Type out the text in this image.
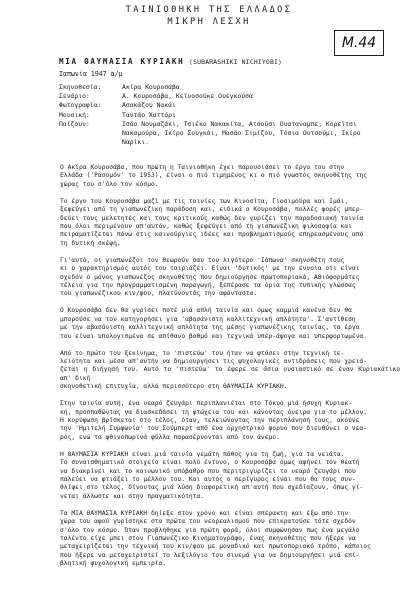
ΤΑΙΝΙΟΘΗΚΗ ΤΗΣ ΕΛΛΑΔΟΣ
ΜΙΚΡΗ ΛΕΣΧΗ
Μ.44
ΜΙΑ ΘΑΥΜΑΣΙΑ ΚΥΡΙΑΚΗ (SUBARASHIKI NICHIYOBI)
Ιαπωνία 1947 α/μ
Σκηνοθεσία:	Ακίρα Κουροσάβα
Σενάριο:	Α. Κουροσάβα, Κεϊνοσούκε Ουεγκούσα
Φωτογραφία:	Ασακάζου Νακάι
Μουσική:	Ταντάο Χαττόρι
Παίζουν:	Ισάο Νουμαζάκι, Τσιέκο Νακακίτα, Ατσούσι Ουαταναμπε, Κορεϊτσι
Νακαμούρα, Ικίρο Σουγκάι, Μασάο Σιμίζου, Τόσια Ουτσούμι, Ικίρο
Ναρίκι.

Ο Ακίρα Κουροσάβα, που πρώτη η Ταινιοθήκη έχει παρουσιάσει το έργο του στην
Ελλάδα ('Ρασομόν' το 1953), είναι ο πιό τιμημένος κι ο πιό γνωστός σκηνοθέτης της
χώρας του σ'όλο τον κόσμο.

Το έργο του Κουροσάβα μαζί με τις ταινίες των Κινοσίτα, Γιοσιμούρα και Ιμάι,
ξεφεύγει από τη γιαπωνέζικη παράδοση και, ειδικά ο Κουροσάβα, πολλές φορές μπερ-
δεύει τους μελετητές και τους κριτικούς καθώς δεν γυρίζει την παραδοσιακή ταινία
που όλοι περιμένουν απ'αυτόν, καθώς ξεφεύγει από τη γιαπωνέζικη φιλοσοφία και
πειραματίζεται πάνω στις καινούργιες ιδέες και προβληματισμούς επηρεασμένους από
τη δυτική σκέψη.

Γι'αυτό, οι γιαπωνέζοι τον θεωρούν σαν τον λιγότερο 'Ιάπωνα' σκηνοθέτη τους
κι ο χαρακτηρισμός αυτός του ταιριάζει. Είναι 'δυτικός' με την έννοια οτι είναι
σχεδόν ο μόνος γιαπωνέζος σκηνοθέτης που δημιούργησε πρωτοποριακά, ΑΘιόφορμάτες
τέλεια για την προγραμματισμένη παραγωγή, ξεπέρασε τα όρια της τυπικής γλώσσας
του γιαπωνέζικου κιν/φου, πλατύνοντάς την αφάνταστα.

Ο Κουροσάβα δεν θα γυρίσει ποτέ μιά απλή ταινία και όμως καμμιά κανένα δεν θα
μπορούσε να τον κατηγορήσει για 'αβασάνιστη καλλιτεχνική απλότητα'. Σ'αντίθεση
με την αβασάνιστη καλλιτεχνική απλότητα της μέσης γιαπωνέζικης ταινίας, τα έργα
του είναι υπολογισμένα σε απίθανο βαθμό και τεχνικά υπέρ-άψογα και υπερφορτωμένα.

Από το πρώτο του ξεκίνημα, το 'πιστεύω' του ήταν να φτάσει στην τεχνική τε-
λειότητα και μέσα απ'αυτήν να δημιουργήσει τις ψυχολογικές αντιδράσεις που χρειά-
ζεται η διήγησή του. Αυτό το 'πιστεύω' το έφερε σε άσια ουσιαστικό σε έναν Κυριακάτικο απ' δική
σκηνοθετική επιτυχία, αλλά περισσότερο στη ΘΑΥΜΑΣΙΑ ΚΥΡΙΑΚΗ.

Στην ταινία αυτή, ένα νεαρό ζευγάρι περιπλανιέται στο Τόκυο μιά ήσυχη Κυριακ-
κή, προσπαθώντας να διασκεδάσει τη φτώχεια του και κάνοντας όνειρα για το μέλλον.
Η κορύφωση βρίσκεται στο τέλος, όταν, τελειώνοντας την περιπλάνησή τους, ακούνε
την 'Ημιτελή Συμφωνία' του Σούμπερτ από ένα ορχηστρικό φορυο που διευθύνει ο νεα-
ρός, ενώ τα φθινοπωρινά φύλλα παρασέρνονται από τον άνεμο.

Η ΘΑΥΜΑΣΙΑ ΚΥΡΙΑΚΗ είναι μιά ταινία γεμάτη πάθος για τη ζωή, για τα νειάτα.
Το συναισθηματικό στοιχείο είναι πολύ έντονο, ο Κουροσάβα όμως αφήνει τον θεατή
να διακρίνει και το κοινωνικό υπόβαθρο που περιτριγυρίζει το νεαρό ζευγάρι που
παλεύει να φτιάξει το μέλλον του. Και αυτός ο περίγυρος είναι που θα τους συν-
θλίψει στο τέλος, δίνοντας μιά λύση διαφορετική απ'αυτή που σχεδίαζουν, όπως γί-
νεται άλλωστε και στην πραγματικότητα.

Τα ΜΙΑ ΘΑΥΜΑΣΙΑ ΚΥΡΙΑΚΗ δηίεξε στον χρόνο και είναι σπέρακτη και έξω από την
χώρα του αφού γυρίστηκε στα πρώτα του νεορεαλισμού που επικρατούσε τότε σχεδόν
σ'όλο τον κόσμο. Όταν προβλήθηκε για πρώτη φορά, όλοι συμφώνησαν πως ένα μεγάλο
ταλέντο είχε μπει στον Γιαπωνέζικο Κινηματογράφο, ένας σκηνοθέτης που ήξερε να
μεταχειρίζεται την τεχνική του κιν/φου με μοναδικό και πρωτοποριακό τρόπο, κάποιος
που ήξερε να μεταχειριστεί το λεξιλόγιο του σινεμά για να δημιουργήσει μιά επί-
βλητική ψυχολογική εμπειρία.
